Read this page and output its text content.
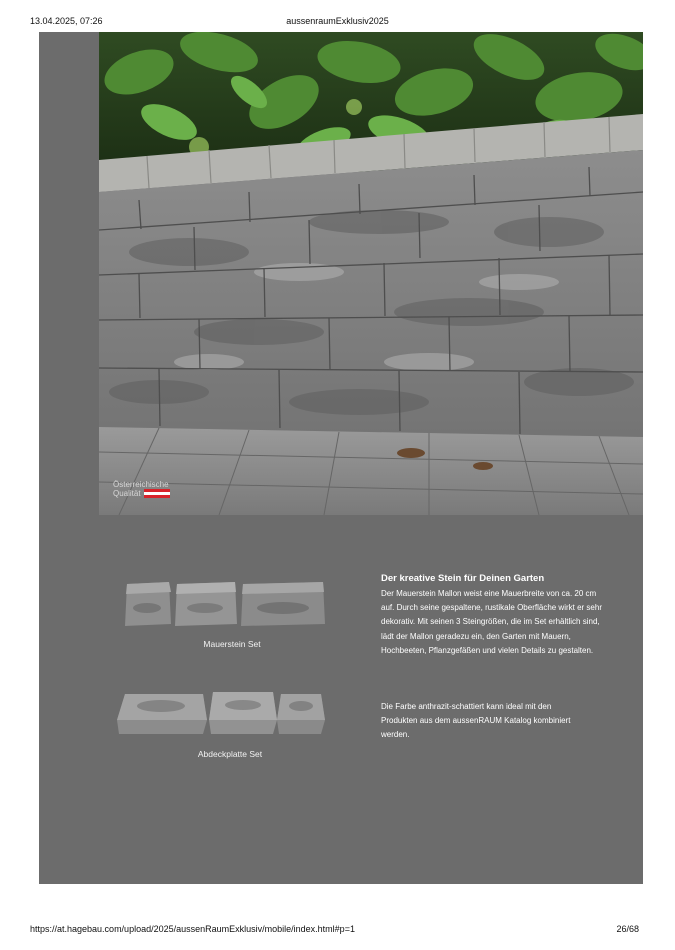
13.04.2025, 07:26	aussenraumExklusiv2025
Österreichische
Qualität
Mauerstein Set
Abdeckplatte Set
Der kreative Stein für Deinen Garten
Der Mauerstein Mallon weist eine Mauerbreite von ca. 20 cm auf. Durch seine gespaltene, rustikale Oberfläche wirkt er sehr dekorativ. Mit seinen 3 Steingrößen, die im Set erhältlich sind, lädt der Mallon geradezu ein, den Garten mit Mauern, Hochbeeten, Pflanzgefäßen und vielen Details zu gestalten.
Die Farbe anthrazit-schattiert kann ideal mit den Produkten aus dem aussenRAUM Katalog kombiniert werden.
https://at.hagebau.com/upload/2025/aussenRaumExklusiv/mobile/index.html#p=1	26/68
